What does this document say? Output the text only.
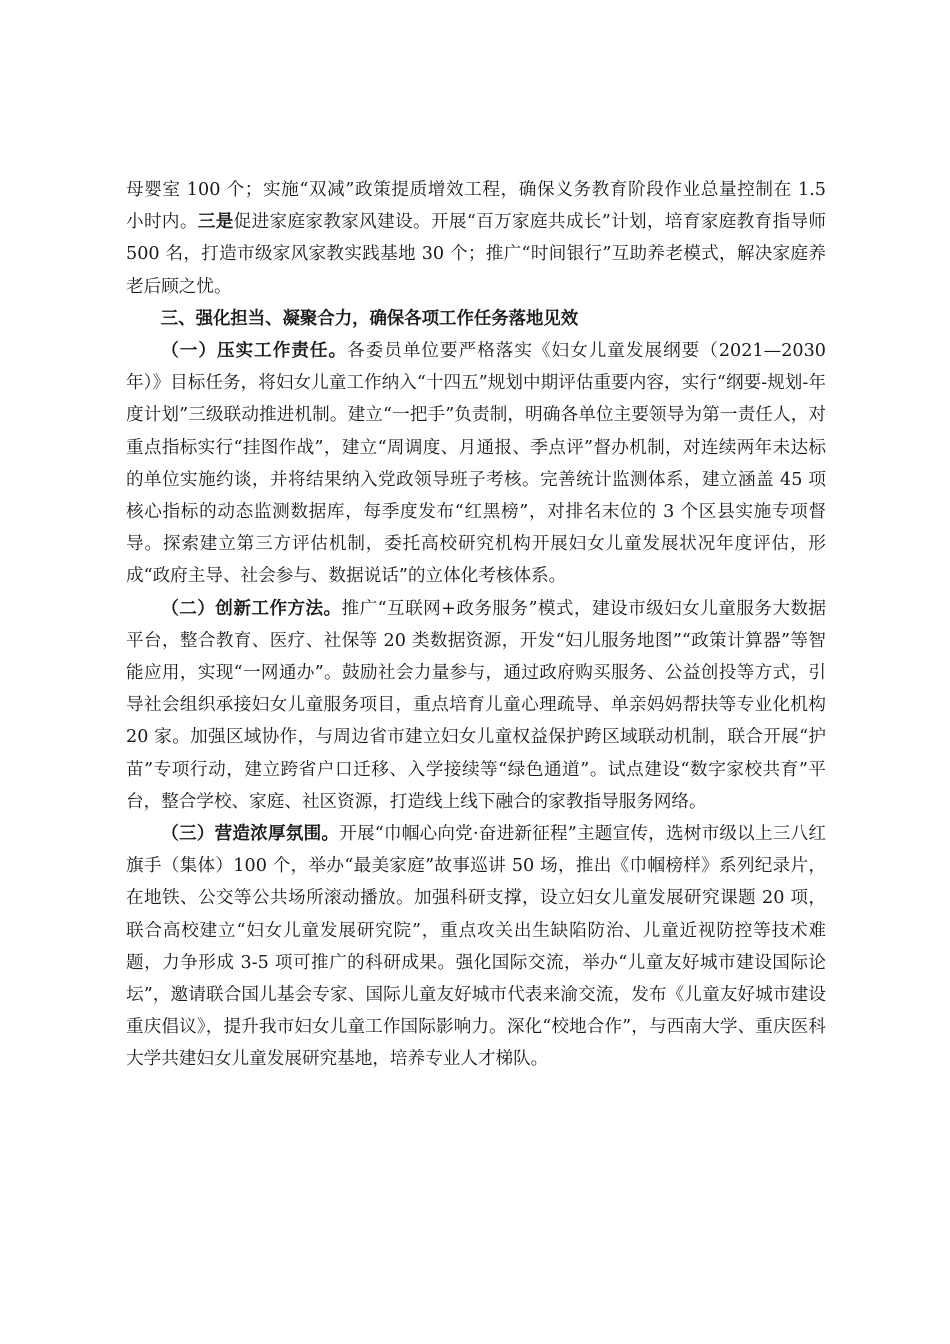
母婴室 100 个；实施“双减”政策提质增效工程，确保义务教育阶段作业总量控制在 1.5 小时内。三是促进家庭家教家风建设。开展“百万家庭共成长”计划，培育家庭教育指导师 500 名，打造市级家风家教实践基地 30 个；推广“时间银行”互助养老模式，解决家庭养老后顾之忧。

三、强化担当、凝聚合力，确保各项工作任务落地见效

（一）压实工作责任。各委员单位要严格落实《妇女儿童发展纲要（2021—2030 年）》目标任务，将妇女儿童工作纳入“十四五”规划中期评估重要内容，实行“纲要-规划-年度计划”三级联动推进机制。建立“一把手”负责制，明确各单位主要领导为第一责任人，对重点指标实行“挂图作战”，建立“周调度、月通报、季点评”督办机制，对连续两年未达标的单位实施约谈，并将结果纳入党政领导班子考核。完善统计监测体系，建立涵盖 45 项核心指标的动态监测数据库，每季度发布“红黑榜”，对排名末位的 3 个区县实施专项督导。探索建立第三方评估机制，委托高校研究机构开展妇女儿童发展状况年度评估，形成“政府主导、社会参与、数据说话”的立体化考核体系。

（二）创新工作方法。推广“互联网+政务服务”模式，建设市级妇女儿童服务大数据平台，整合教育、医疗、社保等 20 类数据资源，开发“妇儿服务地图”“政策计算器”等智能应用，实现“一网通办”。鼓励社会力量参与，通过政府购买服务、公益创投等方式，引导社会组织承接妇女儿童服务项目，重点培育儿童心理疏导、单亲妈妈帮扶等专业化机构 20 家。加强区域协作，与周边省市建立妇女儿童权益保护跨区域联动机制，联合开展“护苗”专项行动，建立跨省户口迁移、入学接续等“绿色通道”。试点建设“数字家校共育”平台，整合学校、家庭、社区资源，打造线上线下融合的家教指导服务网络。

（三）营造浓厚氛围。开展“巾帼心向党·奋进新征程”主题宣传，选树市级以上三八红旗手（集体）100 个，举办“最美家庭”故事巡讲 50 场，推出《巾帼榜样》系列纪录片，在地铁、公交等公共场所滚动播放。加强科研支撑，设立妇女儿童发展研究课题 20 项，联合高校建立“妇女儿童发展研究院”，重点攻关出生缺陷防治、儿童近视防控等技术难题，力争形成 3-5 项可推广的科研成果。强化国际交流，举办“儿童友好城市建设国际论坛”，邀请联合国儿基会专家、国际儿童友好城市代表来渝交流，发布《儿童友好城市建设重庆倡议》，提升我市妇女儿童工作国际影响力。深化“校地合作”，与西南大学、重庆医科大学共建妇女儿童发展研究基地，培养专业人才梯队。
